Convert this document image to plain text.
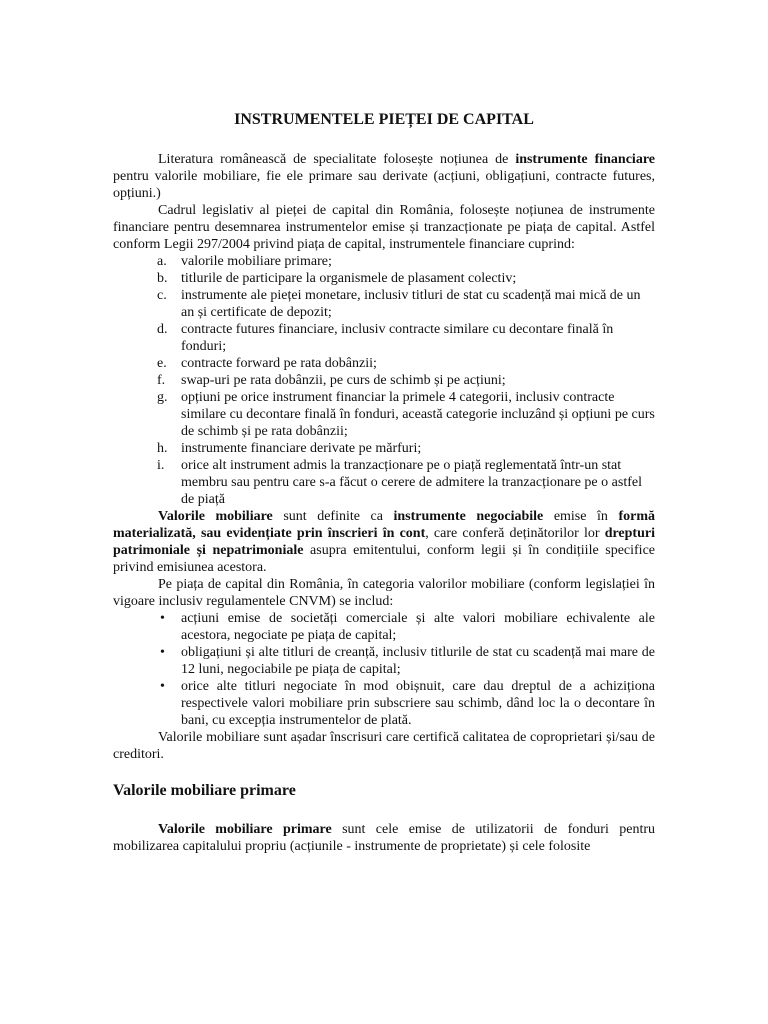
INSTRUMENTELE PIEȚEI DE CAPITAL

Literatura românească de specialitate folosește noțiunea de instrumente financiare pentru valorile mobiliare, fie ele primare sau derivate (acțiuni, obligațiuni, contracte futures, opțiuni.)

Cadrul legislativ al pieței de capital din România, folosește noțiunea de instrumente financiare pentru desemnarea instrumentelor emise și tranzacționate pe piața de capital. Astfel conform Legii 297/2004 privind piața de capital, instrumentele financiare cuprind:

a. valorile mobiliare primare;
b. titlurile de participare la organismele de plasament colectiv;
c. instrumente ale pieței monetare, inclusiv titluri de stat cu scadență mai mică de un an și certificate de depozit;
d. contracte futures financiare, inclusiv contracte similare cu decontare finală în fonduri;
e. contracte forward pe rata dobânzii;
f. swap-uri pe rata dobânzii, pe curs de schimb și pe acțiuni;
g. opțiuni pe orice instrument financiar la primele 4 categorii, inclusiv contracte similare cu decontare finală în fonduri, această categorie incluzând și opțiuni pe curs de schimb și pe rata dobânzii;
h. instrumente financiare derivate pe mărfuri;
i. orice alt instrument admis la tranzacționare pe o piață reglementată într-un stat membru sau pentru care s-a făcut o cerere de admitere la tranzacționare pe o astfel de piață

Valorile mobiliare sunt definite ca instrumente negociabile emise în formă materializată, sau evidențiate prin înscrieri în cont, care conferă deținătorilor lor drepturi patrimoniale și nepatrimoniale asupra emitentului, conform legii și în condițiile specifice privind emisiunea acestora.

Pe piața de capital din România, în categoria valorilor mobiliare (conform legislației în vigoare inclusiv regulamentele CNVM) se includ:

• acțiuni emise de societăți comerciale și alte valori mobiliare echivalente ale acestora, negociate pe piața de capital;
• obligațiuni și alte titluri de creanță, inclusiv titlurile de stat cu scadență mai mare de 12 luni, negociabile pe piața de capital;
• orice alte titluri negociate în mod obișnuit, care dau dreptul de a achiziționa respectivele valori mobiliare prin subscriere sau schimb, dând loc la o decontare în bani, cu excepția instrumentelor de plată.

Valorile mobiliare sunt așadar înscrisuri care certifică calitatea de coproprietari și/sau de creditori.

Valorile mobiliare primare

Valorile mobiliare primare sunt cele emise de utilizatorii de fonduri pentru mobilizarea capitalului propriu (acțiunile - instrumente de proprietate) și cele folosite
